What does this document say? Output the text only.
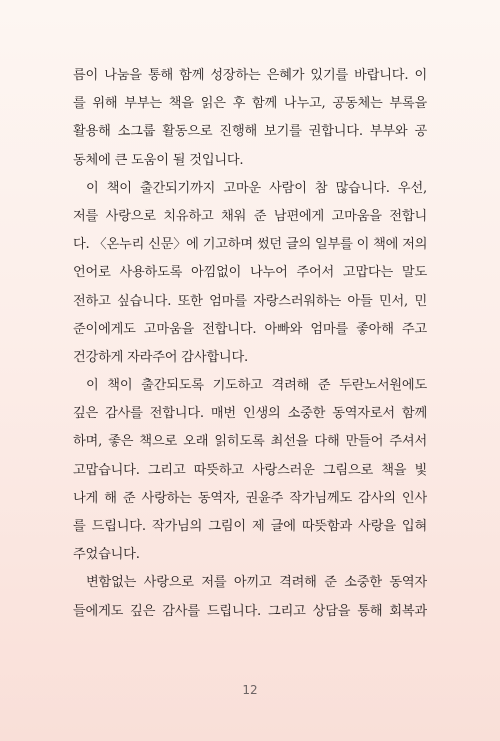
름이 나눔을 통해 함께 성장하는 은혜가 있기를 바랍니다. 이
를 위해 부부는 책을 읽은 후 함께 나누고, 공동체는 부록을
활용해 소그룹 활동으로 진행해 보기를 권합니다. 부부와 공
동체에 큰 도움이 될 것입니다.
이 책이 출간되기까지 고마운 사람이 참 많습니다. 우선,
저를 사랑으로 치유하고 채워 준 남편에게 고마움을 전합니
다. 〈온누리 신문〉에 기고하며 썼던 글의 일부를 이 책에 저의
언어로 사용하도록 아낌없이 나누어 주어서 고맙다는 말도
전하고 싶습니다. 또한 엄마를 자랑스러워하는 아들 민서, 민
준이에게도 고마움을 전합니다. 아빠와 엄마를 좋아해 주고
건강하게 자라주어 감사합니다.
이 책이 출간되도록 기도하고 격려해 준 두란노서원에도
깊은 감사를 전합니다. 매번 인생의 소중한 동역자로서 함께
하며, 좋은 책으로 오래 읽히도록 최선을 다해 만들어 주셔서
고맙습니다. 그리고 따뜻하고 사랑스러운 그림으로 책을 빛
나게 해 준 사랑하는 동역자, 권윤주 작가님께도 감사의 인사
를 드립니다. 작가님의 그림이 제 글에 따뜻함과 사랑을 입혀
주었습니다.
변함없는 사랑으로 저를 아끼고 격려해 준 소중한 동역자
들에게도 깊은 감사를 드립니다. 그리고 상담을 통해 회복과
12
